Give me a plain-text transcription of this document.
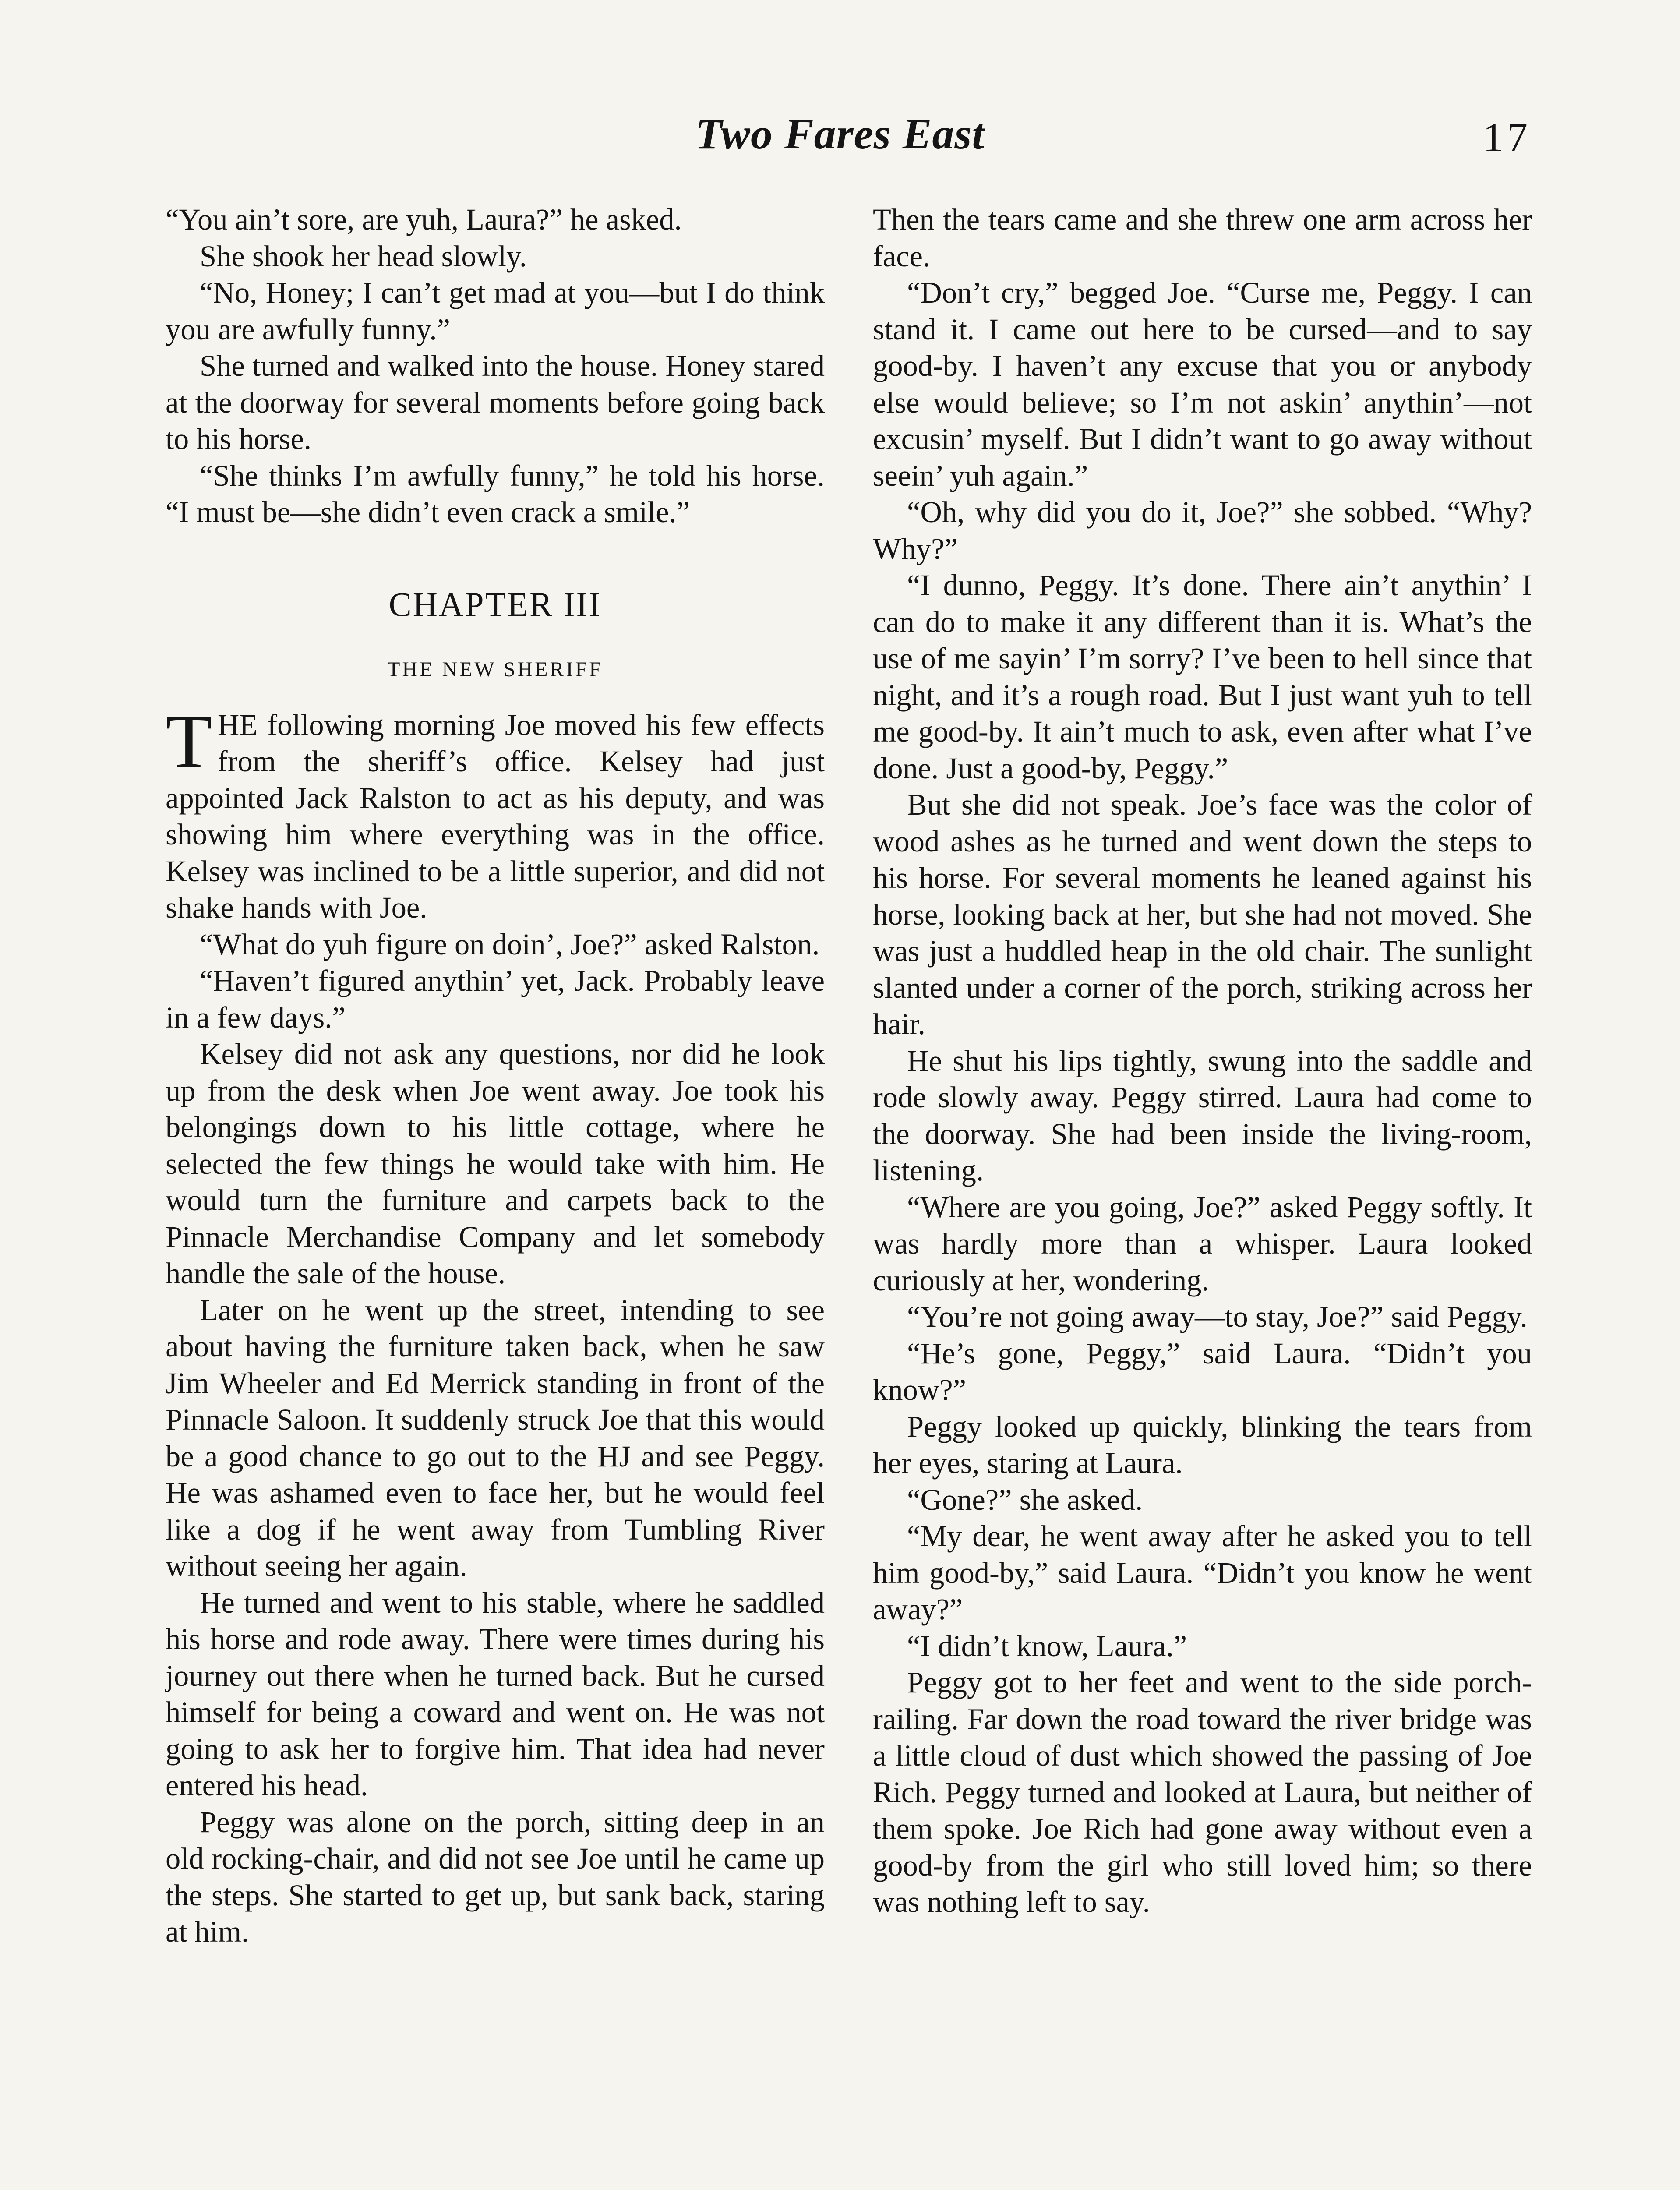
Two Fares East	17

“You ain’t sore, are yuh, Laura?” he asked.

She shook her head slowly.

“No, Honey; I can’t get mad at you—but I do think you are awfully funny.”

She turned and walked into the house. Honey stared at the doorway for several moments before going back to his horse.

“She thinks I’m awfully funny,” he told his horse. “I must be—she didn’t even crack a smile.”

CHAPTER III
THE NEW SHERIFF

THE following morning Joe moved his few effects from the sheriff’s office. Kelsey had just appointed Jack Ralston to act as his deputy, and was showing him where everything was in the office. Kelsey was inclined to be a little superior, and did not shake hands with Joe.

“What do yuh figure on doin’, Joe?” asked Ralston.

“Haven’t figured anythin’ yet, Jack. Probably leave in a few days.”

Kelsey did not ask any questions, nor did he look up from the desk when Joe went away. Joe took his belongings down to his little cottage, where he selected the few things he would take with him. He would turn the furniture and carpets back to the Pinnacle Merchandise Company and let somebody handle the sale of the house.

Later on he went up the street, intending to see about having the furniture taken back, when he saw Jim Wheeler and Ed Merrick standing in front of the Pinnacle Saloon. It suddenly struck Joe that this would be a good chance to go out to the HJ and see Peggy. He was ashamed even to face her, but he would feel like a dog if he went away from Tumbling River without seeing her again.

He turned and went to his stable, where he saddled his horse and rode away. There were times during his journey out there when he turned back. But he cursed himself for being a coward and went on. He was not going to ask her to forgive him. That idea had never entered his head.

Peggy was alone on the porch, sitting deep in an old rocking-chair, and did not see Joe until he came up the steps. She started to get up, but sank back, staring at him.

Then the tears came and she threw one arm across her face.

“Don’t cry,” begged Joe. “Curse me, Peggy. I can stand it. I came out here to be cursed—and to say good-by. I haven’t any excuse that you or anybody else would believe; so I’m not askin’ anythin’—not excusin’ myself. But I didn’t want to go away without seein’ yuh again.”

“Oh, why did you do it, Joe?” she sobbed. “Why? Why?”

“I dunno, Peggy. It’s done. There ain’t anythin’ I can do to make it any different than it is. What’s the use of me sayin’ I’m sorry? I’ve been to hell since that night, and it’s a rough road. But I just want yuh to tell me good-by. It ain’t much to ask, even after what I’ve done. Just a good-by, Peggy.”

But she did not speak. Joe’s face was the color of wood ashes as he turned and went down the steps to his horse. For several moments he leaned against his horse, looking back at her, but she had not moved. She was just a huddled heap in the old chair. The sunlight slanted under a corner of the porch, striking across her hair.

He shut his lips tightly, swung into the saddle and rode slowly away. Peggy stirred. Laura had come to the doorway. She had been inside the living-room, listening.

“Where are you going, Joe?” asked Peggy softly. It was hardly more than a whisper. Laura looked curiously at her, wondering.

“You’re not going away—to stay, Joe?” said Peggy.

“He’s gone, Peggy,” said Laura. “Didn’t you know?”

Peggy looked up quickly, blinking the tears from her eyes, staring at Laura.

“Gone?” she asked.

“My dear, he went away after he asked you to tell him good-by,” said Laura. “Didn’t you know he went away?”

“I didn’t know, Laura.”

Peggy got to her feet and went to the side porch-railing. Far down the road toward the river bridge was a little cloud of dust which showed the passing of Joe Rich. Peggy turned and looked at Laura, but neither of them spoke. Joe Rich had gone away without even a good-by from the girl who still loved him; so there was nothing left to say.
